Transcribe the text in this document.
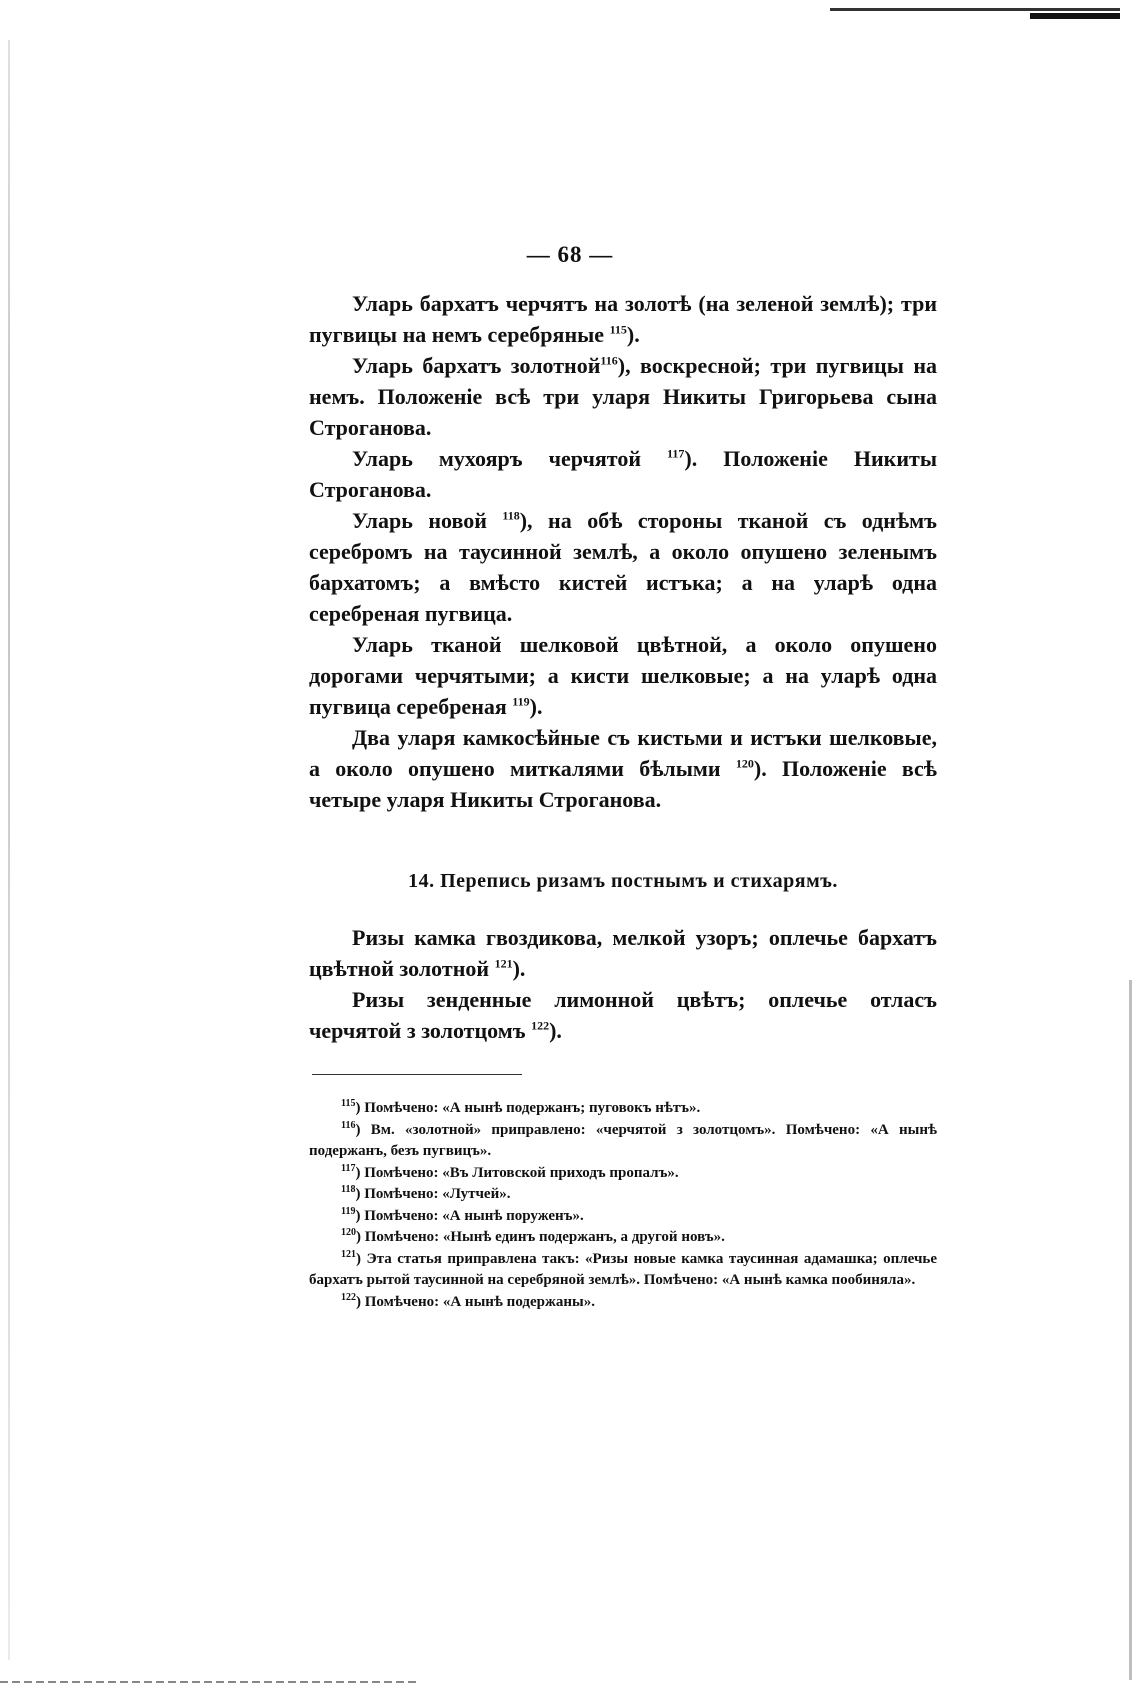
— 68 —

Уларь бархатъ черчятъ на золотѣ (на зеленой землѣ); три пугвицы на немъ серебряные $^{115}$).

Уларь бархатъ золотной$^{116}$), воскресной; три пугвицы на немъ. Положеніе всѣ три уларя Никиты Григорьева сына Строганова.

Уларь мухояръ черчятой $^{117}$). Положеніе Никиты Строганова.

Уларь новой $^{118}$), на обѣ стороны тканой съ однѣмъ серебромъ на таусинной землѣ, а около опушено зеленымъ бархатомъ; а вмѣсто кистей истъка; а на уларѣ одна серебреная пугвица.

Уларь тканой шелковой цвѣтной, а около опушено дорогами черчятыми; а кисти шелковые; а на уларѣ одна пугвица серебреная $^{119}$).

Два уларя камкосѣйные съ кистьми и истъки шелковые, а около опушено миткалями бѣлыми $^{120}$). Положеніе всѣ четыре уларя Никиты Строганова.

14. Перепись ризамъ постнымъ и стихарямъ.

Ризы камка гвоздикова, мелкой узоръ; оплечье бархатъ цвѣтной золотной $^{121}$).

Ризы зенденные лимонной цвѣтъ; оплечье отласъ черчятой з золотцомъ $^{122}$).

$^{115}$) Помѣчено: «А нынѣ подержанъ; пуговокъ нѣтъ».

$^{116}$) Вм. «золотной» приправлено: «черчятой з золотцомъ». Помѣчено: «А нынѣ подержанъ, безъ пугвицъ».

$^{117}$) Помѣчено: «Въ Литовской приходъ пропалъ».

$^{118}$) Помѣчено: «Лутчей».

$^{119}$) Помѣчено: «А нынѣ поруженъ».

$^{120}$) Помѣчено: «Нынѣ единъ подержанъ, а другой новъ».

$^{121}$) Эта статья приправлена такъ: «Ризы новые камка таусинная адамашка; оплечье бархатъ рытой таусинной на серебряной землѣ». Помѣчено: «А нынѣ камка пообиняла».

$^{122}$) Помѣчено: «А нынѣ подержаны».
